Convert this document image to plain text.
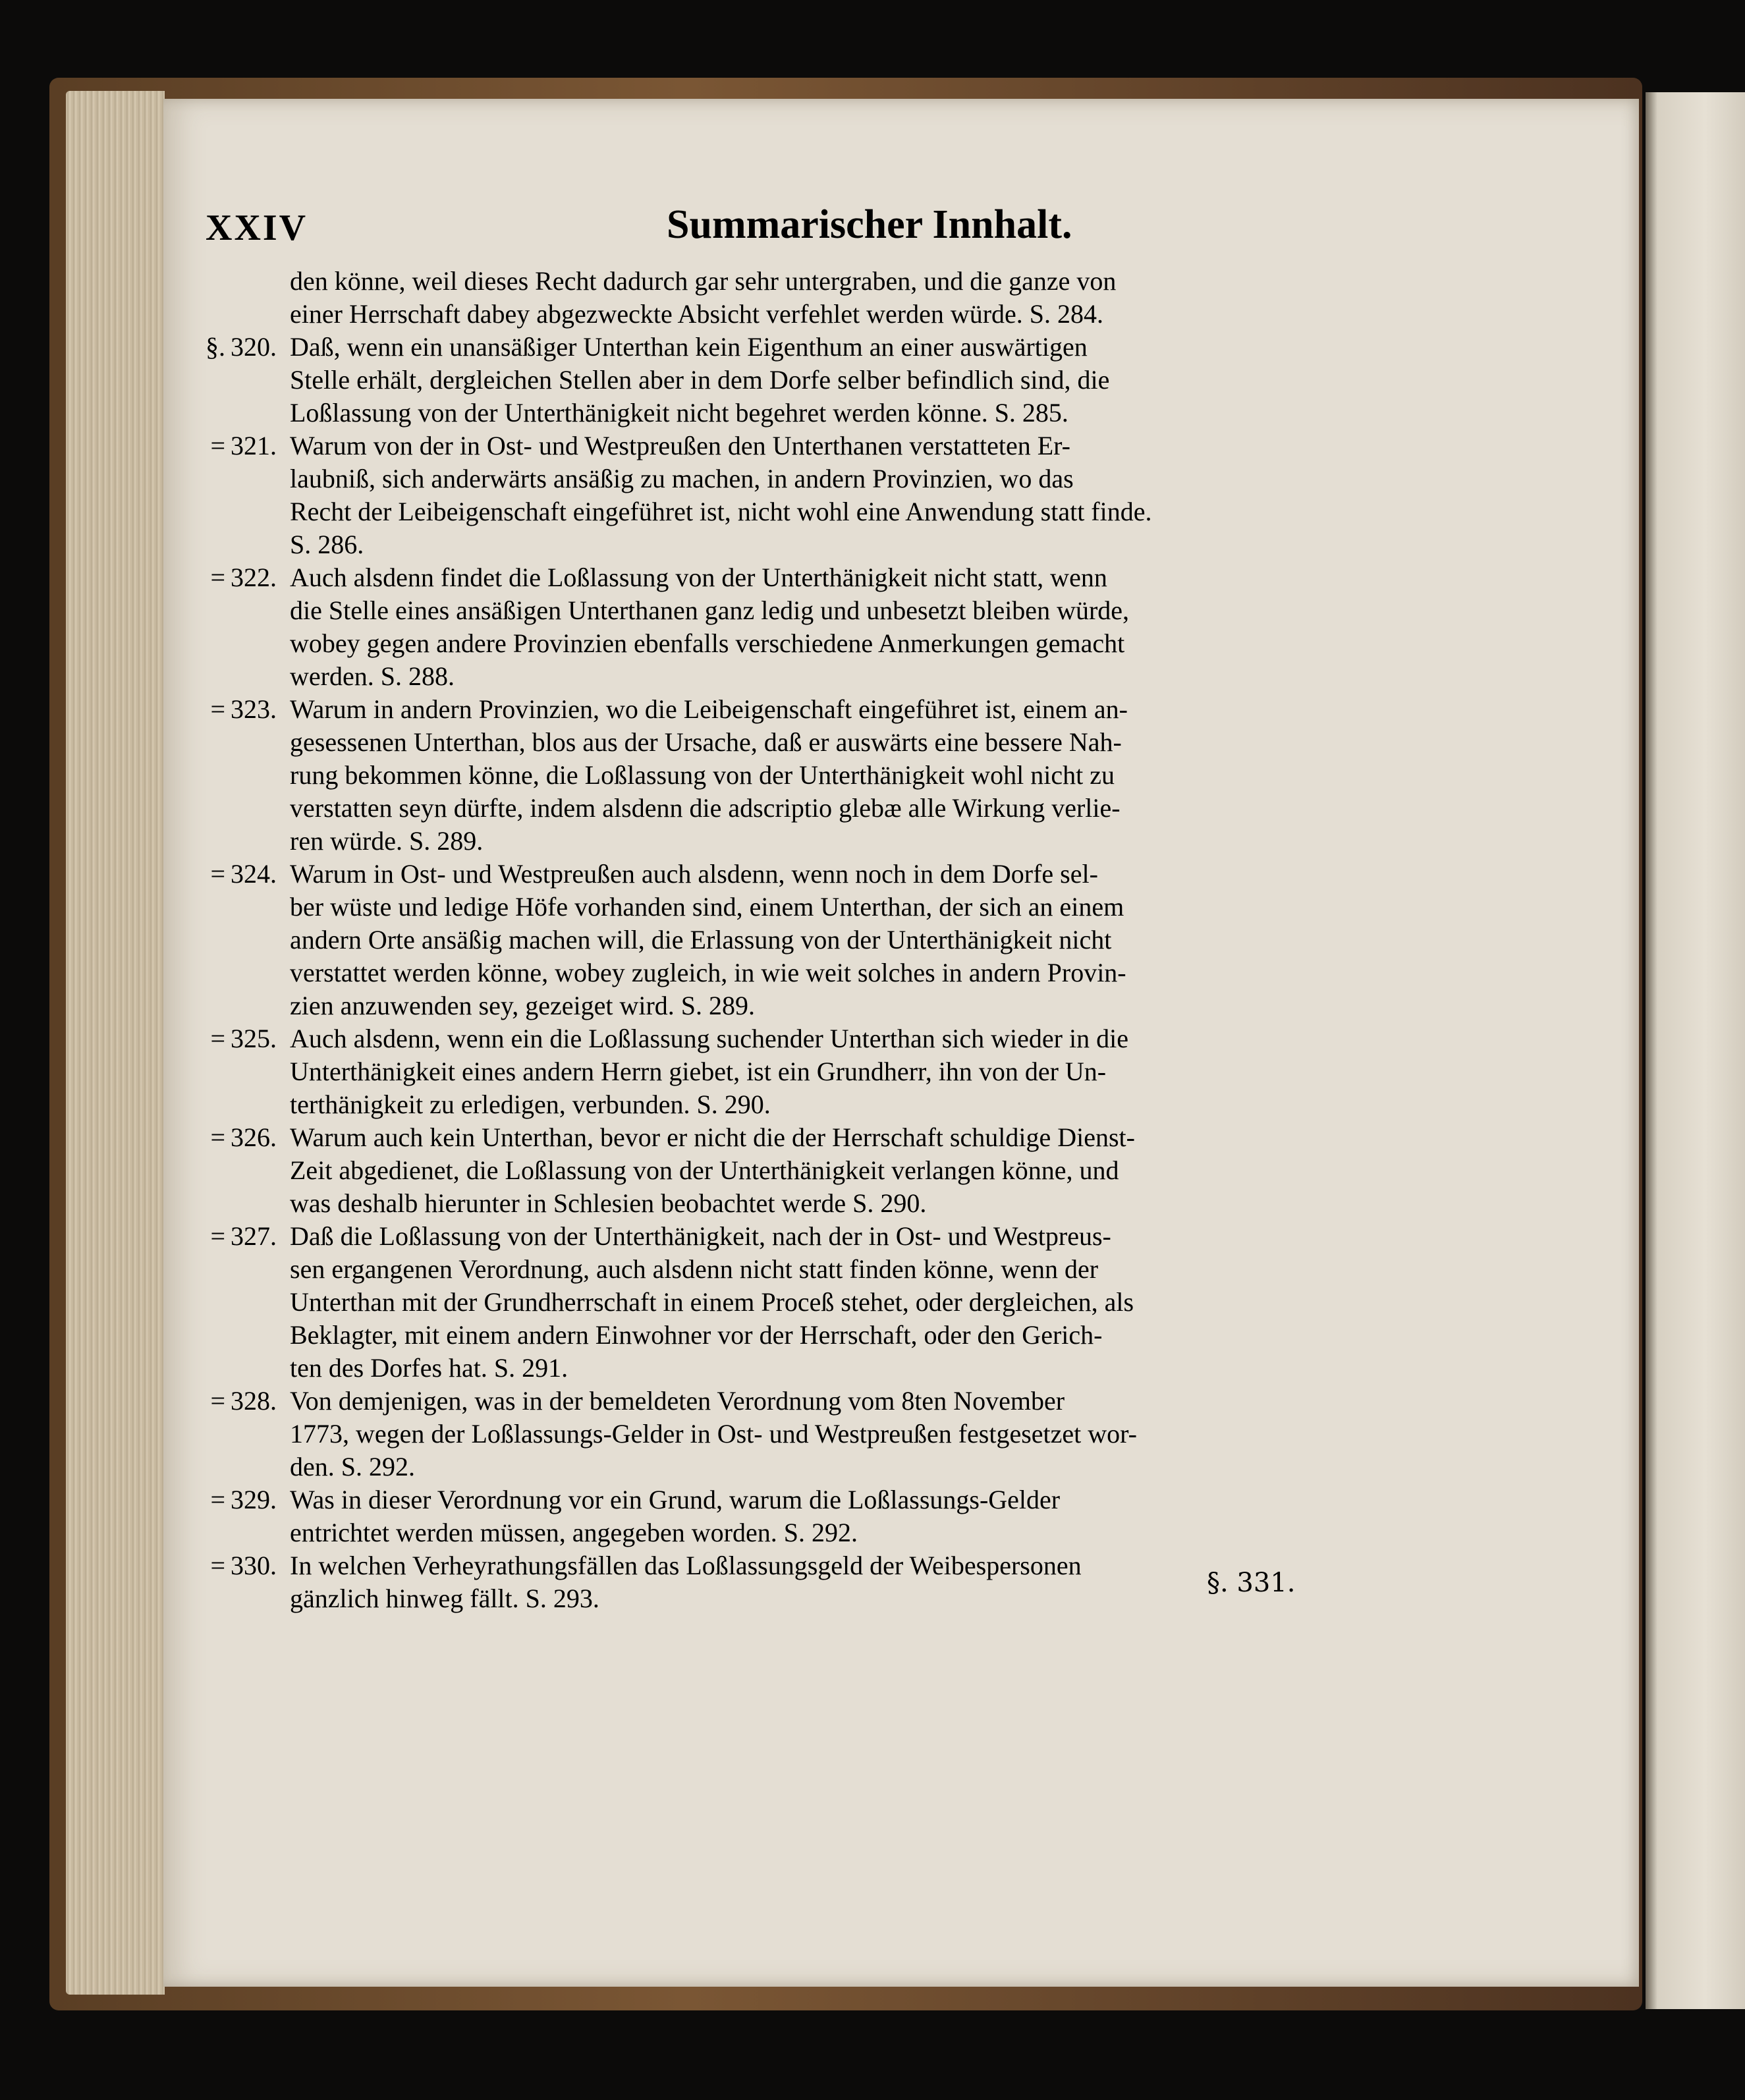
XXIV	Summarischer Innhalt.
den könne, weil dieses Recht dadurch gar sehr untergraben, und die ganze von
einer Herrschaft dabey abgezweckte Absicht verfehlet werden würde. S. 284.
§. 320. Daß, wenn ein unansäßiger Unterthan kein Eigenthum an einer auswärtigen
Stelle erhält, dergleichen Stellen aber in dem Dorfe selber befindlich sind, die
Loßlassung von der Unterthänigkeit nicht begehret werden könne. S. 285.
= 321. Warum von der in Ost- und Westpreußen den Unterthanen verstatteten Er-
laubniß, sich anderwärts ansäßig zu machen, in andern Provinzien, wo das
Recht der Leibeigenschaft eingeführet ist, nicht wohl eine Anwendung statt finde.
S. 286.
= 322. Auch alsdenn findet die Loßlassung von der Unterthänigkeit nicht statt, wenn
die Stelle eines ansäßigen Unterthanen ganz ledig und unbesetzt bleiben würde,
wobey gegen andere Provinzien ebenfalls verschiedene Anmerkungen gemacht
werden. S. 288.
= 323. Warum in andern Provinzien, wo die Leibeigenschaft eingeführet ist, einem an-
gesessenen Unterthan, blos aus der Ursache, daß er auswärts eine bessere Nah-
rung bekommen könne, die Loßlassung von der Unterthänigkeit wohl nicht zu
verstatten seyn dürfte, indem alsdenn die adscriptio glebæ alle Wirkung verlie-
ren würde. S. 289.
= 324. Warum in Ost- und Westpreußen auch alsdenn, wenn noch in dem Dorfe sel-
ber wüste und ledige Höfe vorhanden sind, einem Unterthan, der sich an einem
andern Orte ansäßig machen will, die Erlassung von der Unterthänigkeit nicht
verstattet werden könne, wobey zugleich, in wie weit solches in andern Provin-
zien anzuwenden sey, gezeiget wird. S. 289.
= 325. Auch alsdenn, wenn ein die Loßlassung suchender Unterthan sich wieder in die
Unterthänigkeit eines andern Herrn giebet, ist ein Grundherr, ihn von der Un-
terthänigkeit zu erledigen, verbunden. S. 290.
= 326. Warum auch kein Unterthan, bevor er nicht die der Herrschaft schuldige Dienst-
Zeit abgedienet, die Loßlassung von der Unterthänigkeit verlangen könne, und
was deshalb hierunter in Schlesien beobachtet werde S. 290.
= 327. Daß die Loßlassung von der Unterthänigkeit, nach der in Ost- und Westpreus-
sen ergangenen Verordnung, auch alsdenn nicht statt finden könne, wenn der
Unterthan mit der Grundherrschaft in einem Proceß stehet, oder dergleichen, als
Beklagter, mit einem andern Einwohner vor der Herrschaft, oder den Gerich-
ten des Dorfes hat. S. 291.
= 328. Von demjenigen, was in der bemeldeten Verordnung vom 8ten November
1773, wegen der Loßlassungs-Gelder in Ost- und Westpreußen festgesetzet wor-
den. S. 292.
= 329. Was in dieser Verordnung vor ein Grund, warum die Loßlassungs-Gelder
entrichtet werden müssen, angegeben worden. S. 292.
= 330. In welchen Verheyrathungsfällen das Loßlassungsgeld der Weibespersonen
gänzlich hinweg fällt. S. 293.
§. 331.
